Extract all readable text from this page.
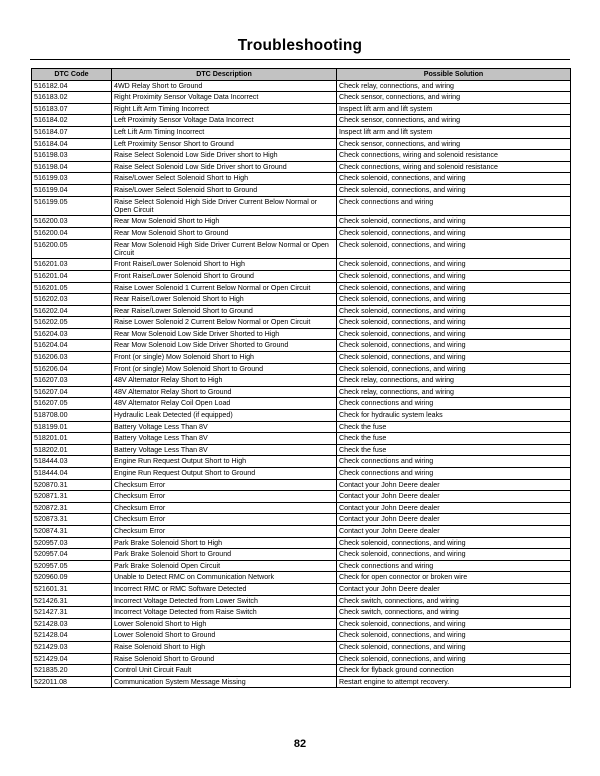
Troubleshooting
DTC Code	DTC Description	Possible Solution
516182.04	4WD Relay Short to Ground	Check relay, connections, and wiring
516183.02	Right Proximity Sensor Voltage Data Incorrect	Check sensor, connections, and wiring
516183.07	Right Lift Arm Timing Incorrect	Inspect lift arm and lift system
516184.02	Left Proximity Sensor Voltage Data Incorrect	Check sensor, connections, and wiring
516184.07	Left Lift Arm Timing Incorrect	Inspect lift arm and lift system
516184.04	Left Proximity Sensor Short to Ground	Check sensor, connections, and wiring
516198.03	Raise Select Solenoid Low Side Driver short to High	Check connections, wiring and solenoid resistance
516198.04	Raise Select Solenoid Low Side Driver short to Ground	Check connections, wiring and solenoid resistance
516199.03	Raise/Lower Select Solenoid Short to High	Check solenoid, connections, and wiring
516199.04	Raise/Lower Select Solenoid Short to Ground	Check solenoid, connections, and wiring
516199.05	Raise Select Solenoid High Side Driver Current Below Normal or Open Circuit	Check connections and wiring
516200.03	Rear Mow Solenoid Short to High	Check solenoid, connections, and wiring
516200.04	Rear Mow Solenoid Short to Ground	Check solenoid, connections, and wiring
516200.05	Rear Mow Solenoid High Side Driver Current Below Normal or Open Circuit	Check solenoid, connections, and wiring
516201.03	Front Raise/Lower Solenoid Short to High	Check solenoid, connections, and wiring
516201.04	Front Raise/Lower Solenoid Short to Ground	Check solenoid, connections, and wiring
516201.05	Raise Lower Solenoid 1 Current Below Normal or Open Circuit	Check solenoid, connections, and wiring
516202.03	Rear Raise/Lower Solenoid Short to High	Check solenoid, connections, and wiring
516202.04	Rear Raise/Lower Solenoid Short to Ground	Check solenoid, connections, and wiring
516202.05	Raise Lower Solenoid 2 Current Below Normal or Open Circuit	Check solenoid, connections, and wiring
516204.03	Rear Mow Solenoid Low Side Driver Shorted to High	Check solenoid, connections, and wiring
516204.04	Rear Mow Solenoid Low Side Driver Shorted to Ground	Check solenoid, connections, and wiring
516206.03	Front (or single) Mow Solenoid Short to High	Check solenoid, connections, and wiring
516206.04	Front (or single) Mow Solenoid Short to Ground	Check solenoid, connections, and wiring
516207.03	48V Alternator Relay Short to High	Check relay, connections, and wiring
516207.04	48V Alternator Relay Short to Ground	Check relay, connections, and wiring
516207.05	48V Alternator Relay Coil Open Load	Check connections and wiring
518708.00	Hydraulic Leak Detected (if equipped)	Check for hydraulic system leaks
518199.01	Battery Voltage Less Than 8V	Check the fuse
518201.01	Battery Voltage Less Than 8V	Check the fuse
518202.01	Battery Voltage Less Than 8V	Check the fuse
518444.03	Engine Run Request Output Short to High	Check connections and wiring
518444.04	Engine Run Request Output Short to Ground	Check connections and wiring
520870.31	Checksum Error	Contact your John Deere dealer
520871.31	Checksum Error	Contact your John Deere dealer
520872.31	Checksum Error	Contact your John Deere dealer
520873.31	Checksum Error	Contact your John Deere dealer
520874.31	Checksum Error	Contact your John Deere dealer
520957.03	Park Brake Solenoid Short to High	Check solenoid, connections, and wiring
520957.04	Park Brake Solenoid Short to Ground	Check solenoid, connections, and wiring
520957.05	Park Brake Solenoid Open Circuit	Check connections and wiring
520960.09	Unable to Detect RMC on Communication Network	Check for open connector or broken wire
521601.31	Incorrect RMC or RMC Software Detected	Contact your John Deere dealer
521426.31	Incorrect Voltage Detected from Lower Switch	Check switch, connections, and wiring
521427.31	Incorrect Voltage Detected from Raise Switch	Check switch, connections, and wiring
521428.03	Lower Solenoid Short to High	Check solenoid, connections, and wiring
521428.04	Lower Solenoid Short to Ground	Check solenoid, connections, and wiring
521429.03	Raise Solenoid Short to High	Check solenoid, connections, and wiring
521429.04	Raise Solenoid Short to Ground	Check solenoid, connections, and wiring
521835.20	Control Unit Circuit Fault	Check for flyback ground connection
522011.08	Communication System Message Missing	Restart engine to attempt recovery.
82
